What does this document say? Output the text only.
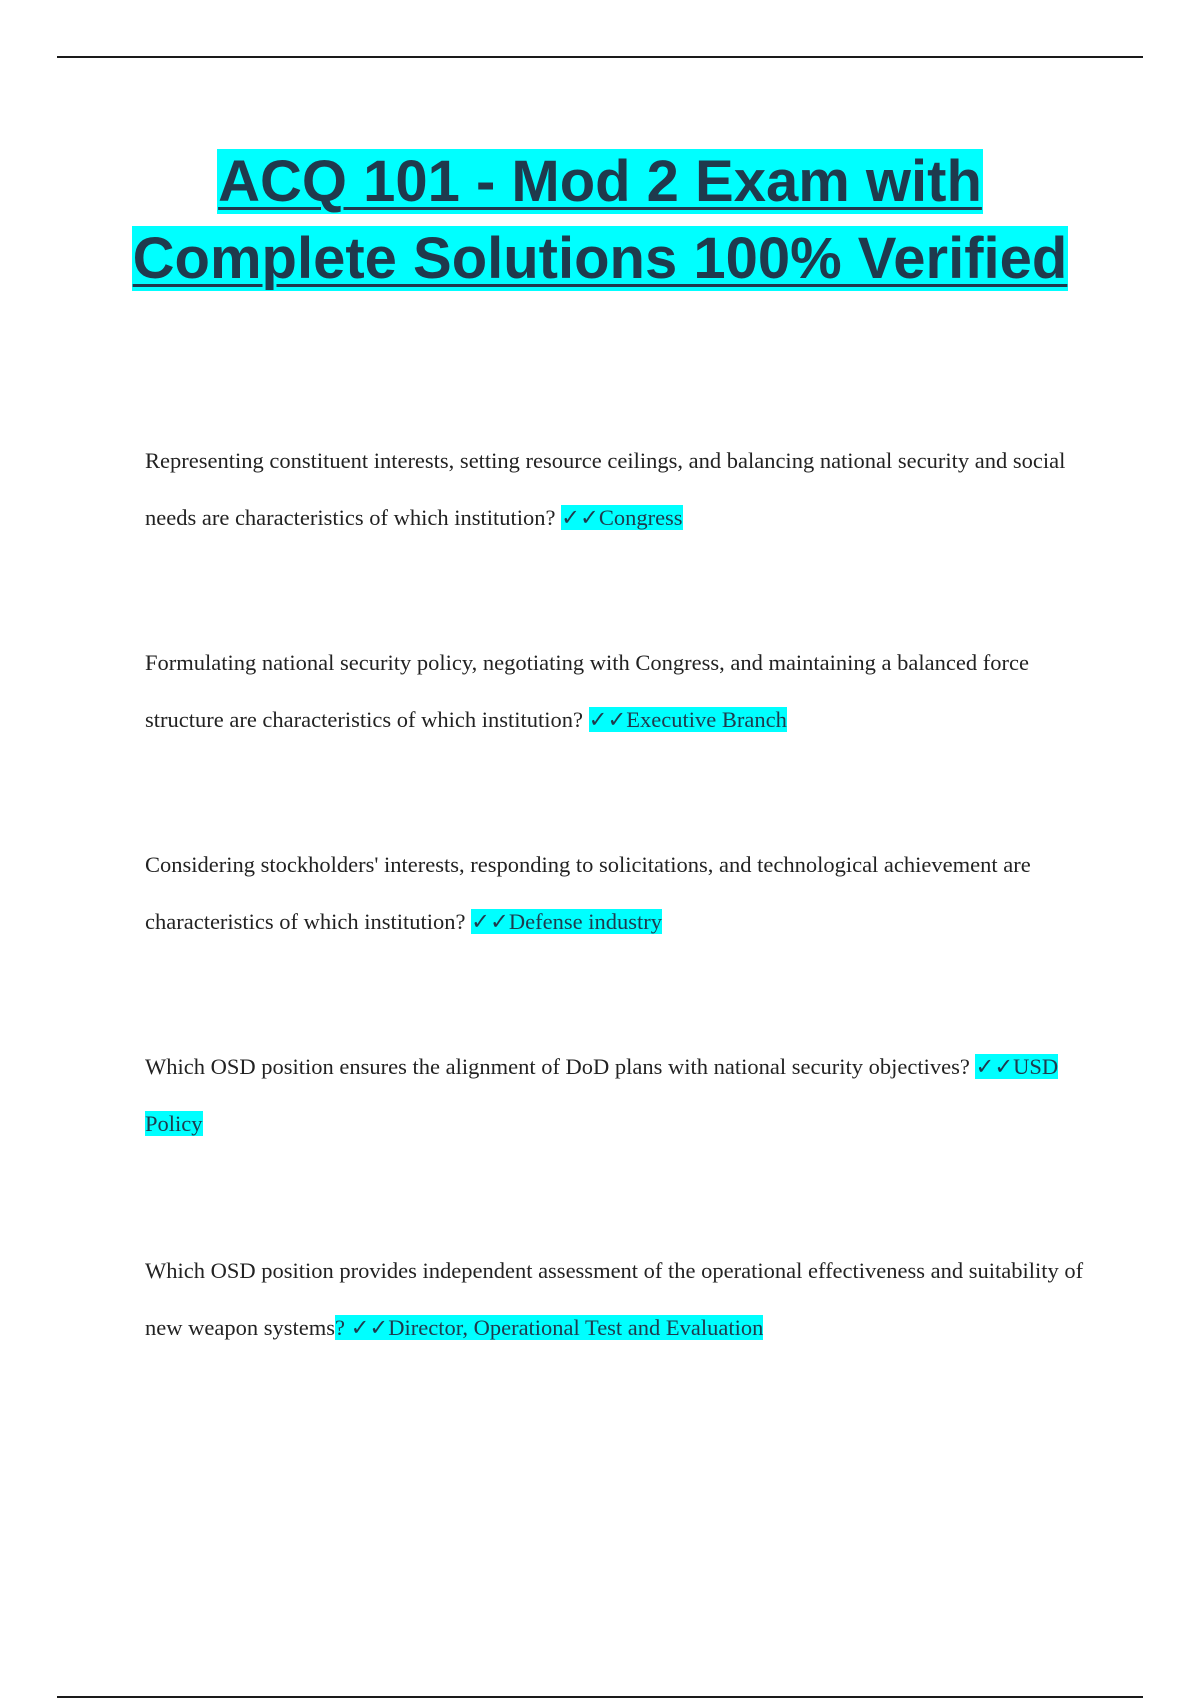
ACQ 101 - Mod 2 Exam with
Complete Solutions 100% Verified

Representing constituent interests, setting resource ceilings, and balancing national security and social needs are characteristics of which institution? ✓✓Congress

Formulating national security policy, negotiating with Congress, and maintaining a balanced force structure are characteristics of which institution? ✓✓Executive Branch

Considering stockholders' interests, responding to solicitations, and technological achievement are characteristics of which institution? ✓✓Defense industry

Which OSD position ensures the alignment of DoD plans with national security objectives? ✓✓USD Policy

Which OSD position provides independent assessment of the operational effectiveness and suitability of new weapon systems? ✓✓Director, Operational Test and Evaluation
